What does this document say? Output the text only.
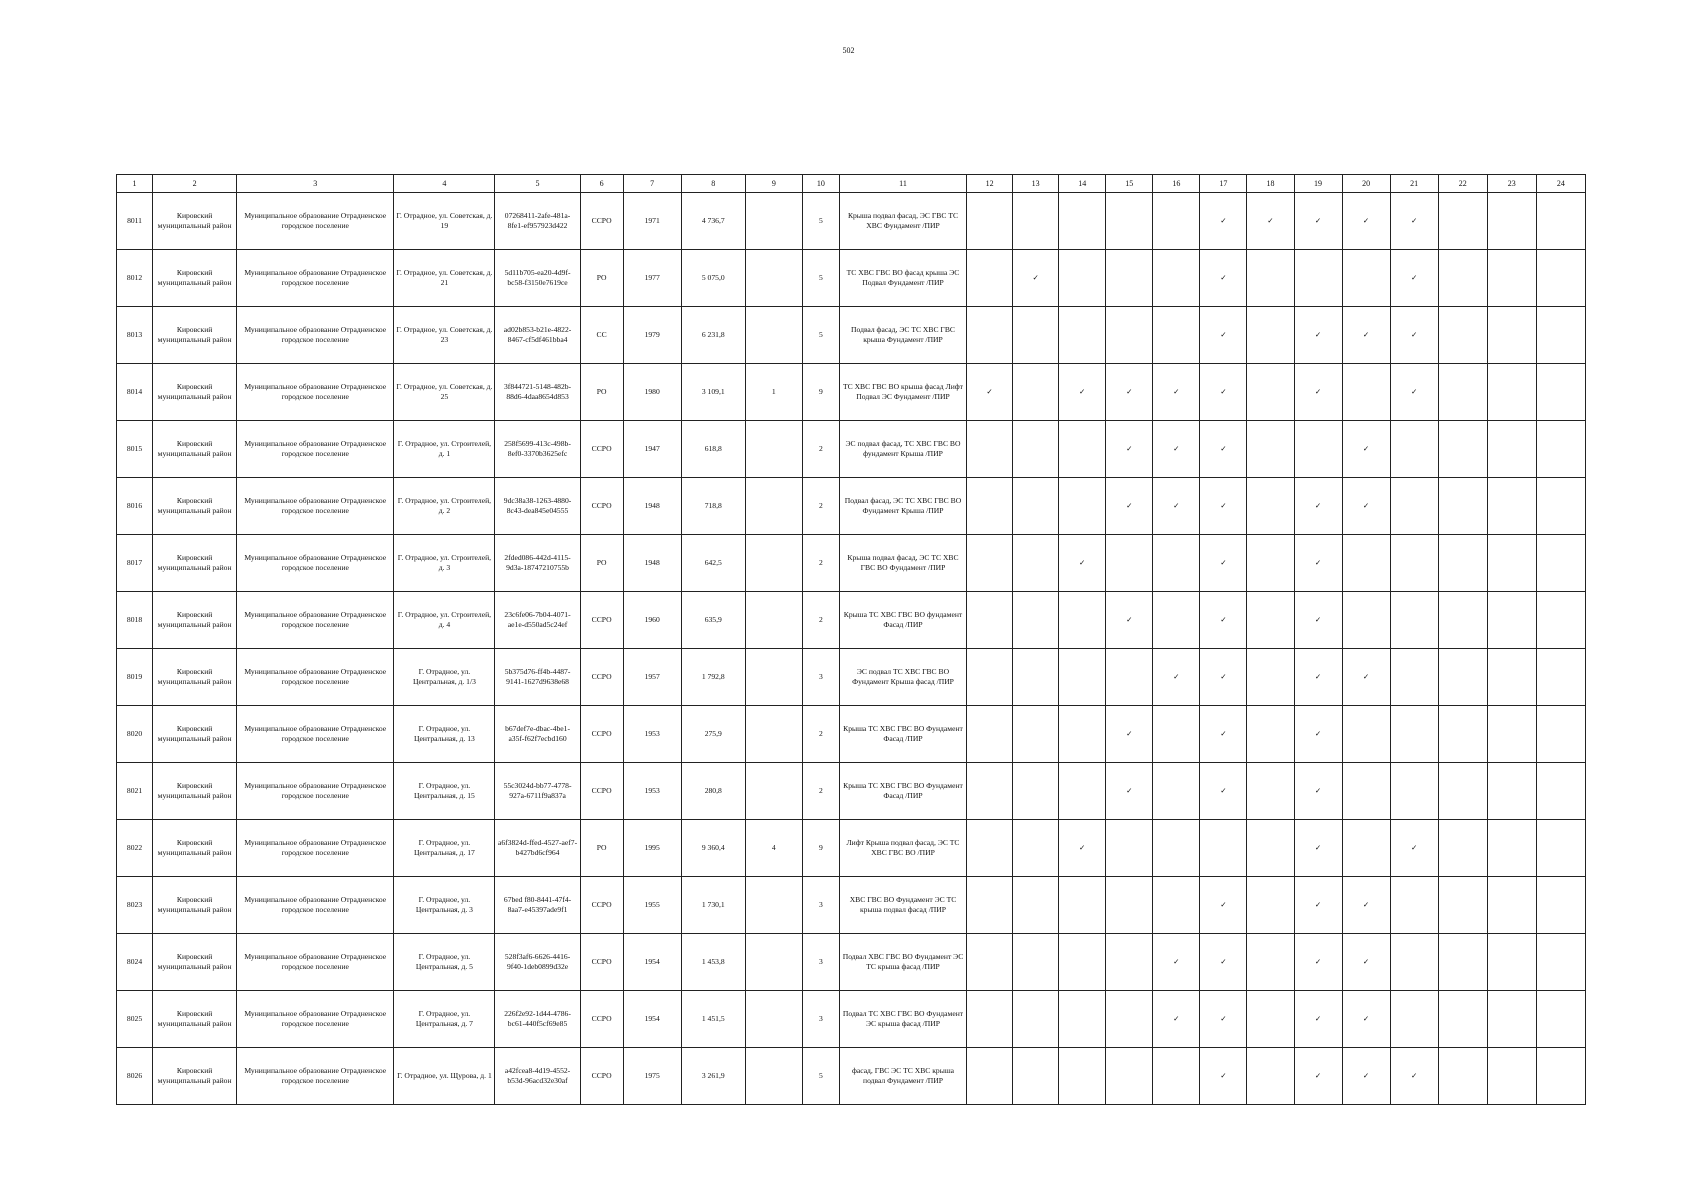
502
1	2	3	4	5	6	7	8	9	10	11	12	13	14	15	16	17	18	19	20	21	22	23	24
8011	Кировский муниципальный район	Муниципальное образование Отрадненское городское поселение	Г. Отрадное, ул. Советская, д. 19	07268411-2afe-481a-8fe1-ef957923d422	ССРО	1971	4 736,7		5	Крыша подвал фасад, ЭС ГВС ТС ХВС Фундамент /ПИР						✓	✓	✓	✓	✓			
8012	Кировский муниципальный район	Муниципальное образование Отрадненское городское поселение	Г. Отрадное, ул. Советская, д. 21	5d11b705-ea20-4d9f-bc58-f3150e7619ce	РО	1977	5 075,0		5	ТС ХВС ГВС ВО фасад крыша ЭС Подвал Фундамент /ПИР		✓				✓				✓			
8013	Кировский муниципальный район	Муниципальное образование Отрадненское городское поселение	Г. Отрадное, ул. Советская, д. 23	ad02b853-b21e-4822-8467-cf5df461bba4	СС	1979	6 231,8		5	Подвал фасад, ЭС ТС ХВС ГВС крыша Фундамент /ПИР						✓		✓	✓	✓			
8014	Кировский муниципальный район	Муниципальное образование Отрадненское городское поселение	Г. Отрадное, ул. Советская, д. 25	3f844721-5148-482b-88d6-4daa8654d853	РО	1980	3 109,1	1	9	ТС ХВС ГВС ВО крыша фасад Лифт Подвал ЭС Фундамент /ПИР	✓		✓	✓	✓	✓		✓		✓			
8015	Кировский муниципальный район	Муниципальное образование Отрадненское городское поселение	Г. Отрадное, ул. Строителей, д. 1	258f5699-413c-498b-8ef0-3370b3625efc	ССРО	1947	618,8		2	ЭС подвал фасад, ТС ХВС ГВС ВО фундамент Крыша /ПИР				✓	✓	✓			✓				
8016	Кировский муниципальный район	Муниципальное образование Отрадненское городское поселение	Г. Отрадное, ул. Строителей, д. 2	9dc38a38-1263-4880-8c43-dea845e04555	ССРО	1948	718,8		2	Подвал фасад, ЭС ТС ХВС ГВС ВО Фундамент Крыша /ПИР				✓	✓	✓		✓	✓				
8017	Кировский муниципальный район	Муниципальное образование Отрадненское городское поселение	Г. Отрадное, ул. Строителей, д. 3	2fded086-442d-4115-9d3a-18747210755b	РО	1948	642,5		2	Крыша подвал фасад, ЭС ТС ХВС ГВС ВО Фундамент /ПИР			✓			✓		✓					
8018	Кировский муниципальный район	Муниципальное образование Отрадненское городское поселение	Г. Отрадное, ул. Строителей, д. 4	23c6fe06-7b04-4071-ae1e-d550ad5c24ef	ССРО	1960	635,9		2	Крыша ТС ХВС ГВС ВО фундамент Фасад /ПИР				✓		✓		✓					
8019	Кировский муниципальный район	Муниципальное образование Отрадненское городское поселение	Г. Отрадное, ул. Центральная, д. 1/3	5b375d76-ff4b-4487-9141-1627d9638e68	ССРО	1957	1 792,8		3	ЭС подвал ТС ХВС ГВС ВО Фундамент Крыша фасад /ПИР					✓	✓		✓	✓				
8020	Кировский муниципальный район	Муниципальное образование Отрадненское городское поселение	Г. Отрадное, ул. Центральная, д. 13	b67def7e-dbac-4be1-a35f-f62f7ecbd160	ССРО	1953	275,9		2	Крыша ТС ХВС ГВС ВО Фундамент Фасад /ПИР				✓		✓		✓					
8021	Кировский муниципальный район	Муниципальное образование Отрадненское городское поселение	Г. Отрадное, ул. Центральная, д. 15	55c3024d-bb77-4778-927a-6711f9a837a	ССРО	1953	280,8		2	Крыша ТС ХВС ГВС ВО Фундамент Фасад /ПИР				✓		✓		✓					
8022	Кировский муниципальный район	Муниципальное образование Отрадненское городское поселение	Г. Отрадное, ул. Центральная, д. 17	a6f3824d-ffed-4527-aef7-b427bd6cf964	РО	1995	9 360,4	4	9	Лифт Крыша подвал фасад, ЭС ТС ХВС ГВС ВО /ПИР			✓					✓		✓			
8023	Кировский муниципальный район	Муниципальное образование Отрадненское городское поселение	Г. Отрадное, ул. Центральная, д. 3	67bed f80-8441-47f4-8aa7-e45397ade9f1	ССРО	1955	1 730,1		3	ХВС ГВС ВО Фундамент ЭС ТС крыша подвал фасад /ПИР						✓		✓	✓				
8024	Кировский муниципальный район	Муниципальное образование Отрадненское городское поселение	Г. Отрадное, ул. Центральная, д. 5	528f3af6-6626-4416-9f40-1deb0899d32e	ССРО	1954	1 453,8		3	Подвал ХВС ГВС ВО Фундамент ЭС ТС крыша фасад /ПИР					✓	✓		✓	✓				
8025	Кировский муниципальный район	Муниципальное образование Отрадненское городское поселение	Г. Отрадное, ул. Центральная, д. 7	226f2e92-1d44-4786-bc61-440f5cf69e85	ССРО	1954	1 451,5		3	Подвал ТС ХВС ГВС ВО Фундамент ЭС крыша фасад /ПИР					✓	✓		✓	✓				
8026	Кировский муниципальный район	Муниципальное образование Отрадненское городское поселение	Г. Отрадное, ул. Щурова, д. 1	a42fcea8-4d19-4552-b53d-96acd32e30af	ССРО	1975	3 261,9		5	фасад, ГВС ЭС ТС ХВС крыша подвал Фундамент /ПИР						✓		✓	✓	✓			
